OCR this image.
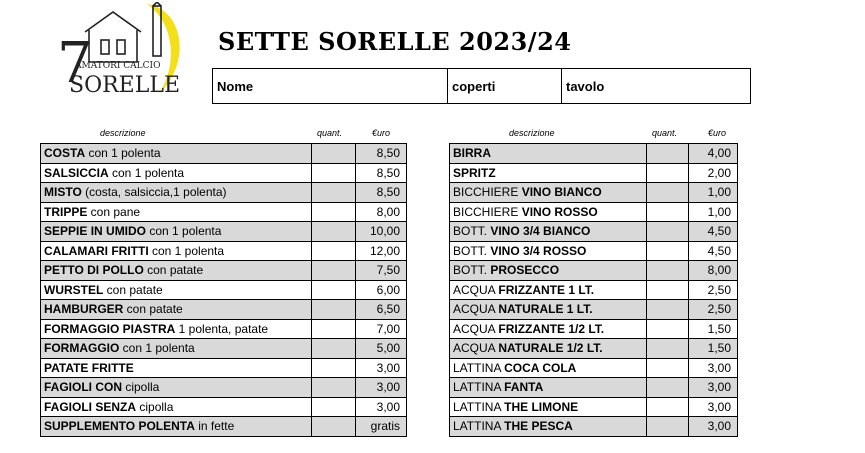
7
AMATORI CALCIO
SORELLE
SETTE SORELLE 2023/24
Nome	coperti	tavolo
descrizione	quant.	€uro	descrizione	quant.	€uro
COSTA con 1 polenta		8,50
SALSICCIA con 1 polenta		8,50
MISTO (costa, salsiccia,1 polenta)		8,50
TRIPPE con pane		8,00
SEPPIE IN UMIDO con 1 polenta		10,00
CALAMARI FRITTI con 1 polenta		12,00
PETTO DI POLLO con patate		7,50
WURSTEL con patate		6,00
HAMBURGER con patate		6,50
FORMAGGIO PIASTRA 1 polenta, patate		7,00
FORMAGGIO con 1 polenta		5,00
PATATE FRITTE		3,00
FAGIOLI CON cipolla		3,00
FAGIOLI SENZA cipolla		3,00
SUPPLEMENTO POLENTA in fette		gratis
BIRRA		4,00
SPRITZ		2,00
BICCHIERE VINO BIANCO		1,00
BICCHIERE VINO ROSSO		1,00
BOTT. VINO 3/4 BIANCO		4,50
BOTT. VINO 3/4 ROSSO		4,50
BOTT. PROSECCO		8,00
ACQUA FRIZZANTE 1 LT.		2,50
ACQUA NATURALE 1 LT.		2,50
ACQUA FRIZZANTE 1/2 LT.		1,50
ACQUA NATURALE 1/2 LT.		1,50
LATTINA COCA COLA		3,00
LATTINA FANTA		3,00
LATTINA THE LIMONE		3,00
LATTINA THE PESCA		3,00
